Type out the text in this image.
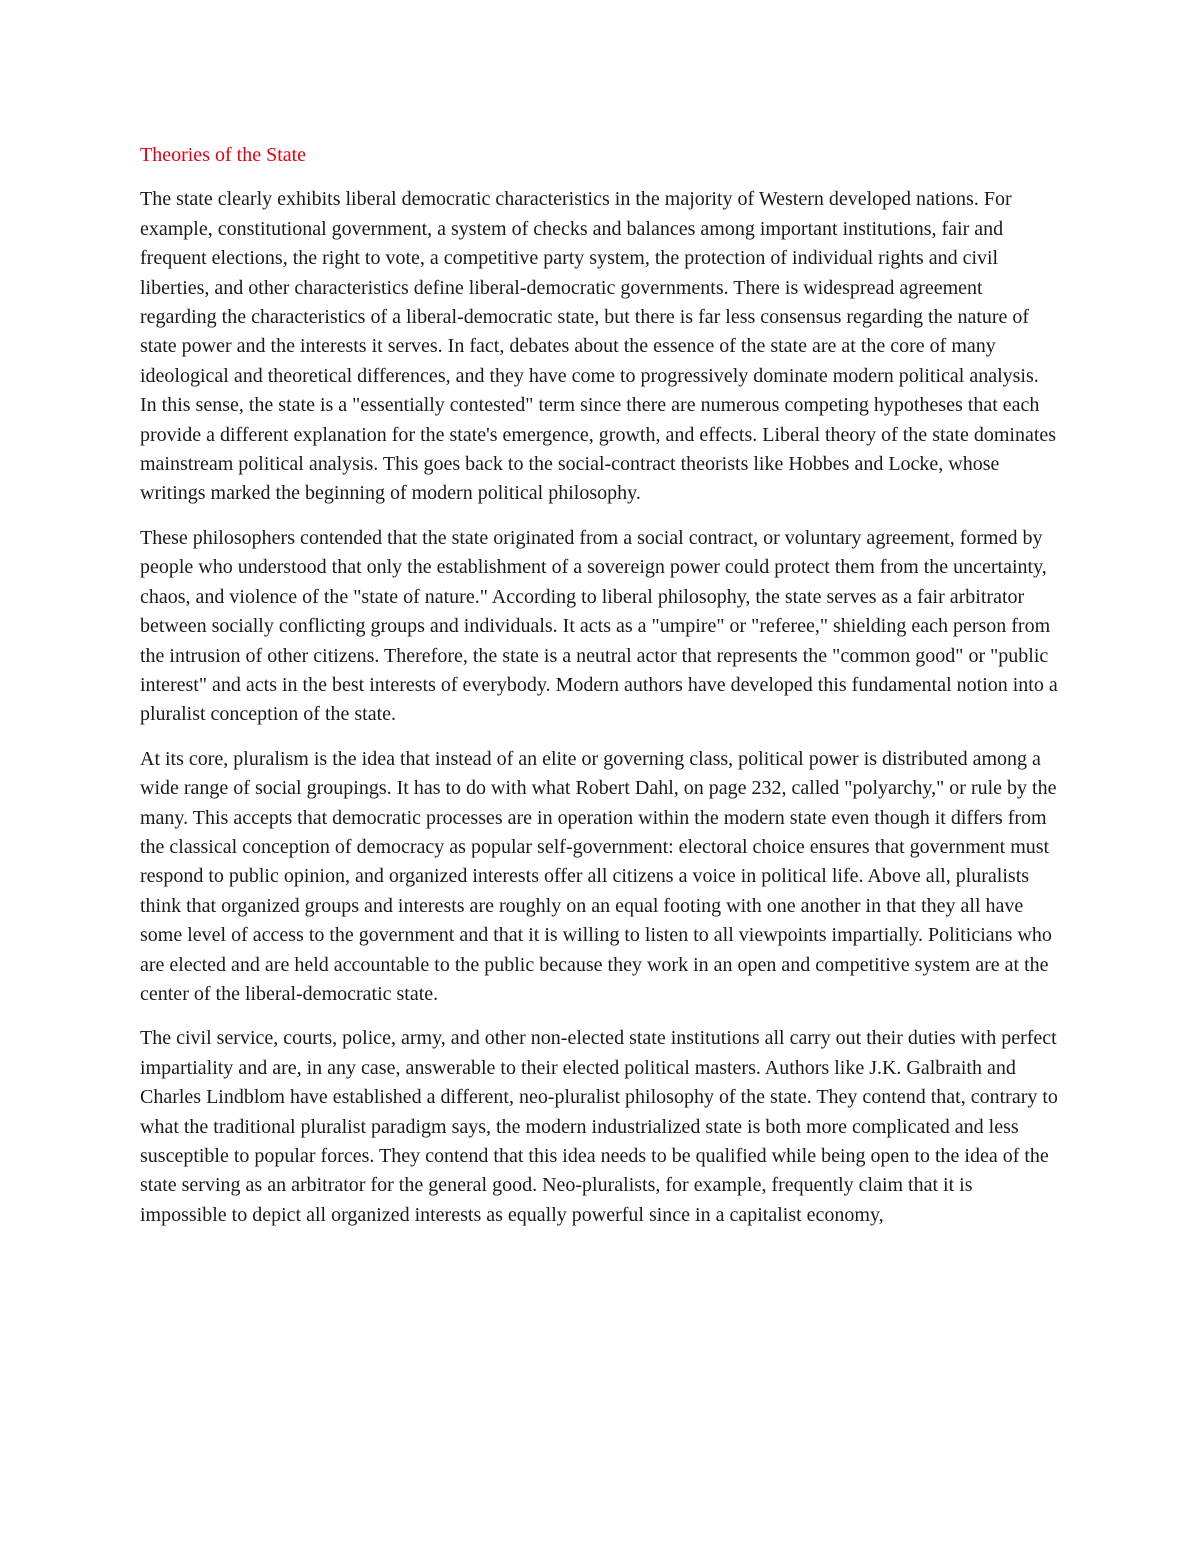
Theories of the State

The state clearly exhibits liberal democratic characteristics in the majority of Western developed nations. For example, constitutional government, a system of checks and balances among important institutions, fair and frequent elections, the right to vote, a competitive party system, the protection of individual rights and civil liberties, and other characteristics define liberal-democratic governments. There is widespread agreement regarding the characteristics of a liberal-democratic state, but there is far less consensus regarding the nature of state power and the interests it serves. In fact, debates about the essence of the state are at the core of many ideological and theoretical differences, and they have come to progressively dominate modern political analysis. In this sense, the state is a "essentially contested" term since there are numerous competing hypotheses that each provide a different explanation for the state's emergence, growth, and effects. Liberal theory of the state dominates mainstream political analysis. This goes back to the social-contract theorists like Hobbes and Locke, whose writings marked the beginning of modern political philosophy.

These philosophers contended that the state originated from a social contract, or voluntary agreement, formed by people who understood that only the establishment of a sovereign power could protect them from the uncertainty, chaos, and violence of the "state of nature." According to liberal philosophy, the state serves as a fair arbitrator between socially conflicting groups and individuals. It acts as a "umpire" or "referee," shielding each person from the intrusion of other citizens. Therefore, the state is a neutral actor that represents the "common good" or "public interest" and acts in the best interests of everybody. Modern authors have developed this fundamental notion into a pluralist conception of the state.

At its core, pluralism is the idea that instead of an elite or governing class, political power is distributed among a wide range of social groupings. It has to do with what Robert Dahl, on page 232, called "polyarchy," or rule by the many. This accepts that democratic processes are in operation within the modern state even though it differs from the classical conception of democracy as popular self-government: electoral choice ensures that government must respond to public opinion, and organized interests offer all citizens a voice in political life. Above all, pluralists think that organized groups and interests are roughly on an equal footing with one another in that they all have some level of access to the government and that it is willing to listen to all viewpoints impartially. Politicians who are elected and are held accountable to the public because they work in an open and competitive system are at the center of the liberal-democratic state.

The civil service, courts, police, army, and other non-elected state institutions all carry out their duties with perfect impartiality and are, in any case, answerable to their elected political masters. Authors like J.K. Galbraith and Charles Lindblom have established a different, neo-pluralist philosophy of the state. They contend that, contrary to what the traditional pluralist paradigm says, the modern industrialized state is both more complicated and less susceptible to popular forces. They contend that this idea needs to be qualified while being open to the idea of the state serving as an arbitrator for the general good. Neo-pluralists, for example, frequently claim that it is impossible to depict all organized interests as equally powerful since in a capitalist economy,
